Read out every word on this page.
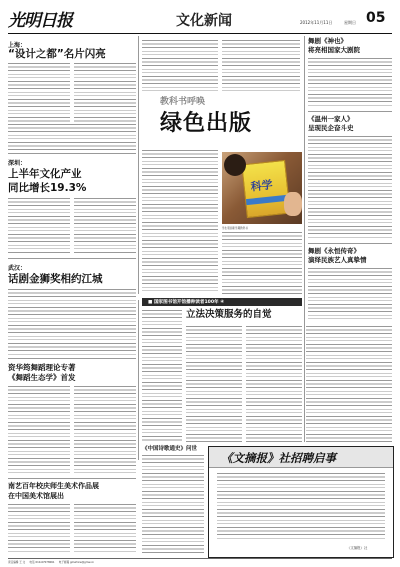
光明日报	文化新闻	2012年11月11日	星期日 05
上海：
“设计之都”名片闪亮
深圳：
上半年文化产业
同比增长19.3%
武汉：
话剧金狮奖相约江城
资华筠舞蹈理论专著
《舞蹈生态学》首发
南艺百年校庆师生美术作品展
在中国美术馆展出
教科书呼唤
绿色出版
科学
学生领到新学期教科书
■ 国家图书馆开馆播种读者100年 ④
立法决策服务的自觉
《中国诗歌通史》问世
舞剧《神也》
将亮相国家大剧院
《温州一家人》
呈现民企奋斗史
舞剧《永恒传奇》
演绎民族艺人真挚情
《文摘报》社招聘启事
《文摘报》社
责任编辑 王 文 　 电话 010-67078061 　 电子邮箱 gmwhxw@gmw.cn
